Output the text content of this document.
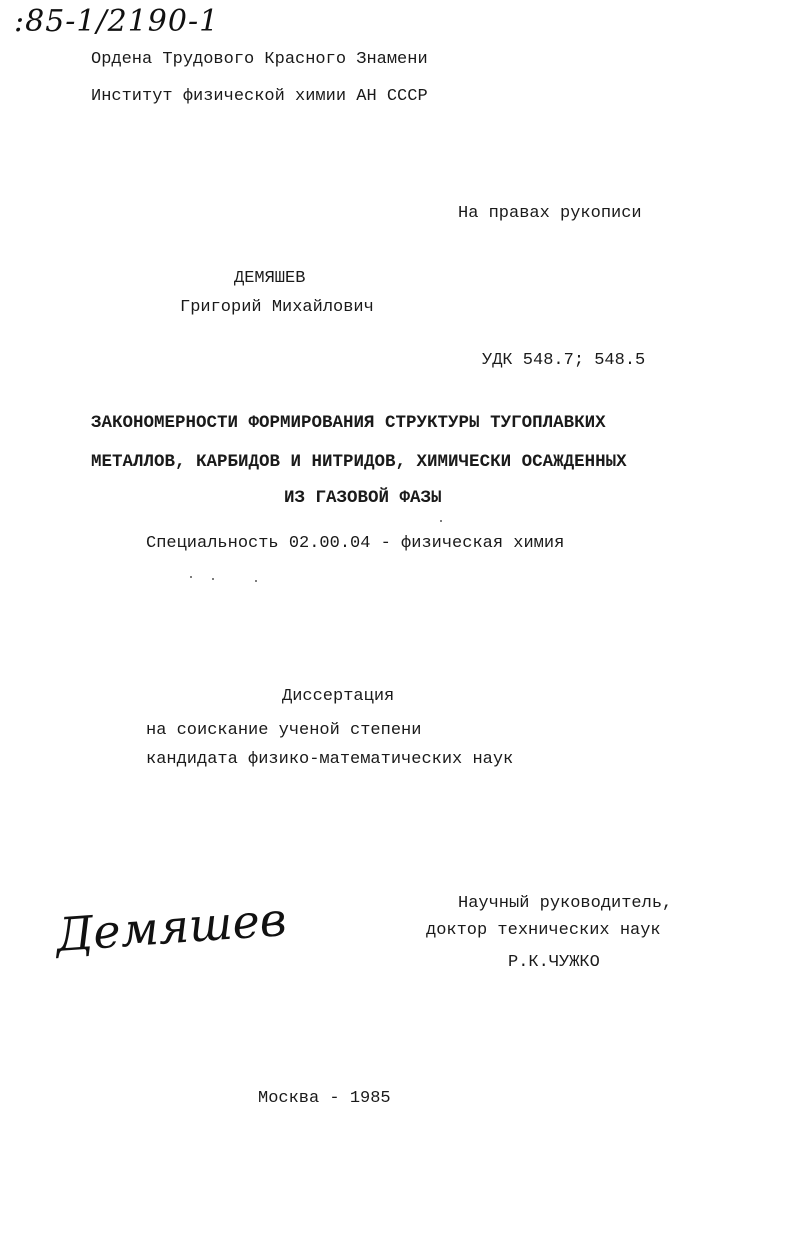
:85-1/2190-1
Ордена Трудового Красного Знамени
Институт физической химии АН СССР
На правах рукописи
ДЕМЯШЕВ
Григорий Михайлович
УДК 548.7; 548.5
ЗАКОНОМЕРНОСТИ ФОРМИРОВАНИЯ СТРУКТУРЫ ТУГОПЛАВКИХ
МЕТАЛЛОВ, КАРБИДОВ И НИТРИДОВ, ХИМИЧЕСКИ ОСАЖДЕННЫХ
ИЗ ГАЗОВОЙ ФАЗЫ
Специальность 02.00.04 - физическая химия
Диссертация
на соискание ученой степени
кандидата физико-математических наук
Демяшев	Научный руководитель,
доктор технических наук
Р.К.ЧУЖКО
Москва - 1985
